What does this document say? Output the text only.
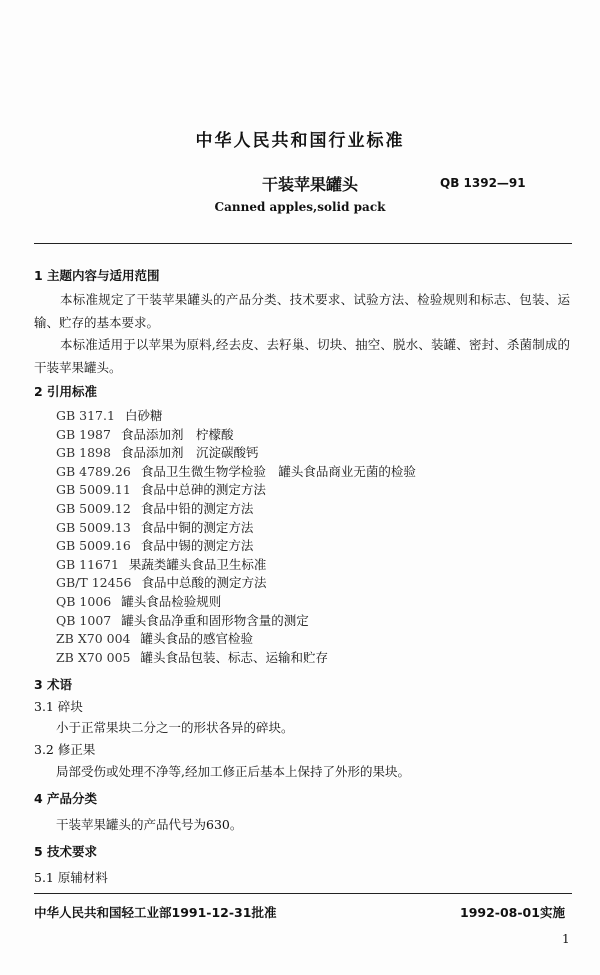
中华人民共和国行业标准
干装苹果罐头	QB 1392—91
Canned apples,solid pack
1 主题内容与适用范围
本标准规定了干装苹果罐头的产品分类、技术要求、试验方法、检验规则和标志、包装、运输、贮存的基本要求。
本标准适用于以苹果为原料,经去皮、去籽巢、切块、抽空、脱水、装罐、密封、杀菌制成的干装苹果罐头。
2 引用标准
GB 317.1 白砂糖
GB 1987 食品添加剂　柠檬酸
GB 1898 食品添加剂　沉淀碳酸钙
GB 4789.26 食品卫生微生物学检验　罐头食品商业无菌的检验
GB 5009.11 食品中总砷的测定方法
GB 5009.12 食品中铅的测定方法
GB 5009.13 食品中铜的测定方法
GB 5009.16 食品中锡的测定方法
GB 11671 果蔬类罐头食品卫生标准
GB/T 12456 食品中总酸的测定方法
QB 1006 罐头食品检验规则
QB 1007 罐头食品净重和固形物含量的测定
ZB X70 004 罐头食品的感官检验
ZB X70 005 罐头食品包装、标志、运输和贮存
3 术语
3.1 碎块
小于正常果块二分之一的形状各异的碎块。
3.2 修正果
局部受伤或处理不净等,经加工修正后基本上保持了外形的果块。
4 产品分类
干装苹果罐头的产品代号为630。
5 技术要求
5.1 原辅材料
中华人民共和国轻工业部1991-12-31批准	1992-08-01实施
1
